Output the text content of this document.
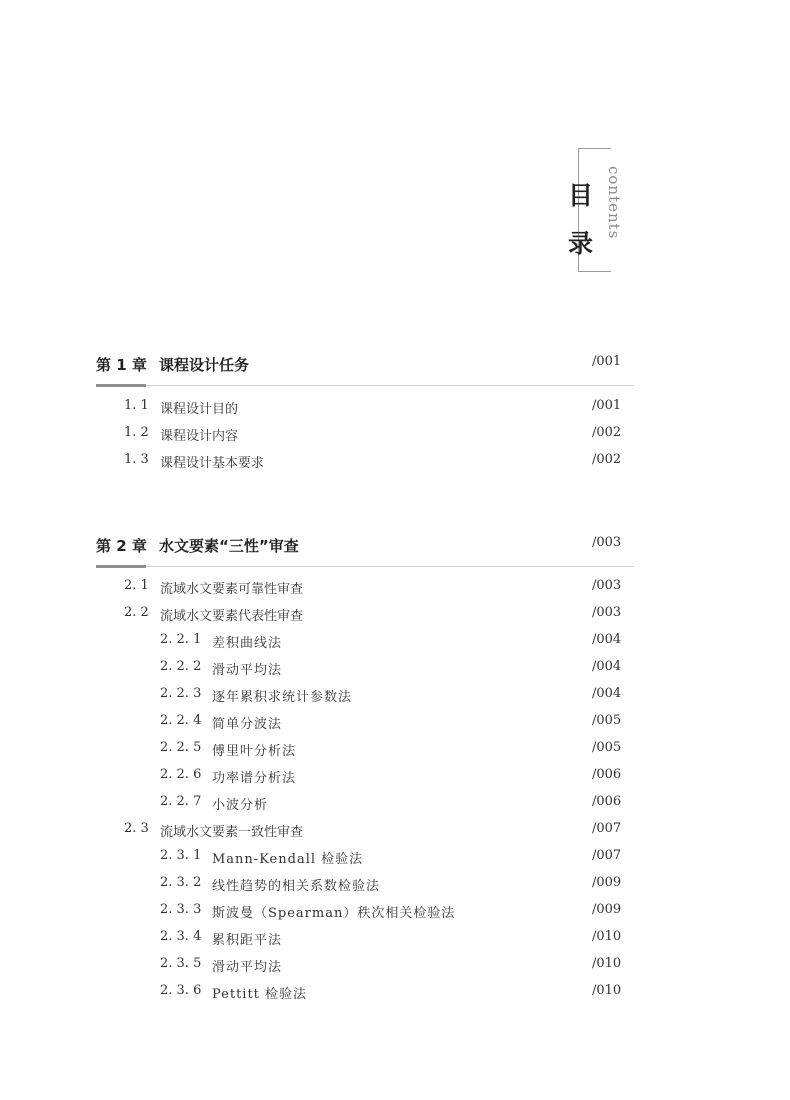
目
录
contents
第 1 章 课程设计任务	/001
1. 1 课程设计目的	/001
1. 2 课程设计内容	/002
1. 3 课程设计基本要求	/002
第 2 章 水文要素“三性”审查	/003
2. 1 流域水文要素可靠性审查	/003
2. 2 流域水文要素代表性审查	/003
2. 2. 1 差积曲线法	/004
2. 2. 2 滑动平均法	/004
2. 2. 3 逐年累积求统计参数法	/004
2. 2. 4 简单分波法	/005
2. 2. 5 傅里叶分析法	/005
2. 2. 6 功率谱分析法	/006
2. 2. 7 小波分析	/006
2. 3 流域水文要素一致性审查	/007
2. 3. 1 Mann-Kendall 检验法	/007
2. 3. 2 线性趋势的相关系数检验法	/009
2. 3. 3 斯波曼（Spearman）秩次相关检验法	/009
2. 3. 4 累积距平法	/010
2. 3. 5 滑动平均法	/010
2. 3. 6 Pettitt 检验法	/010
